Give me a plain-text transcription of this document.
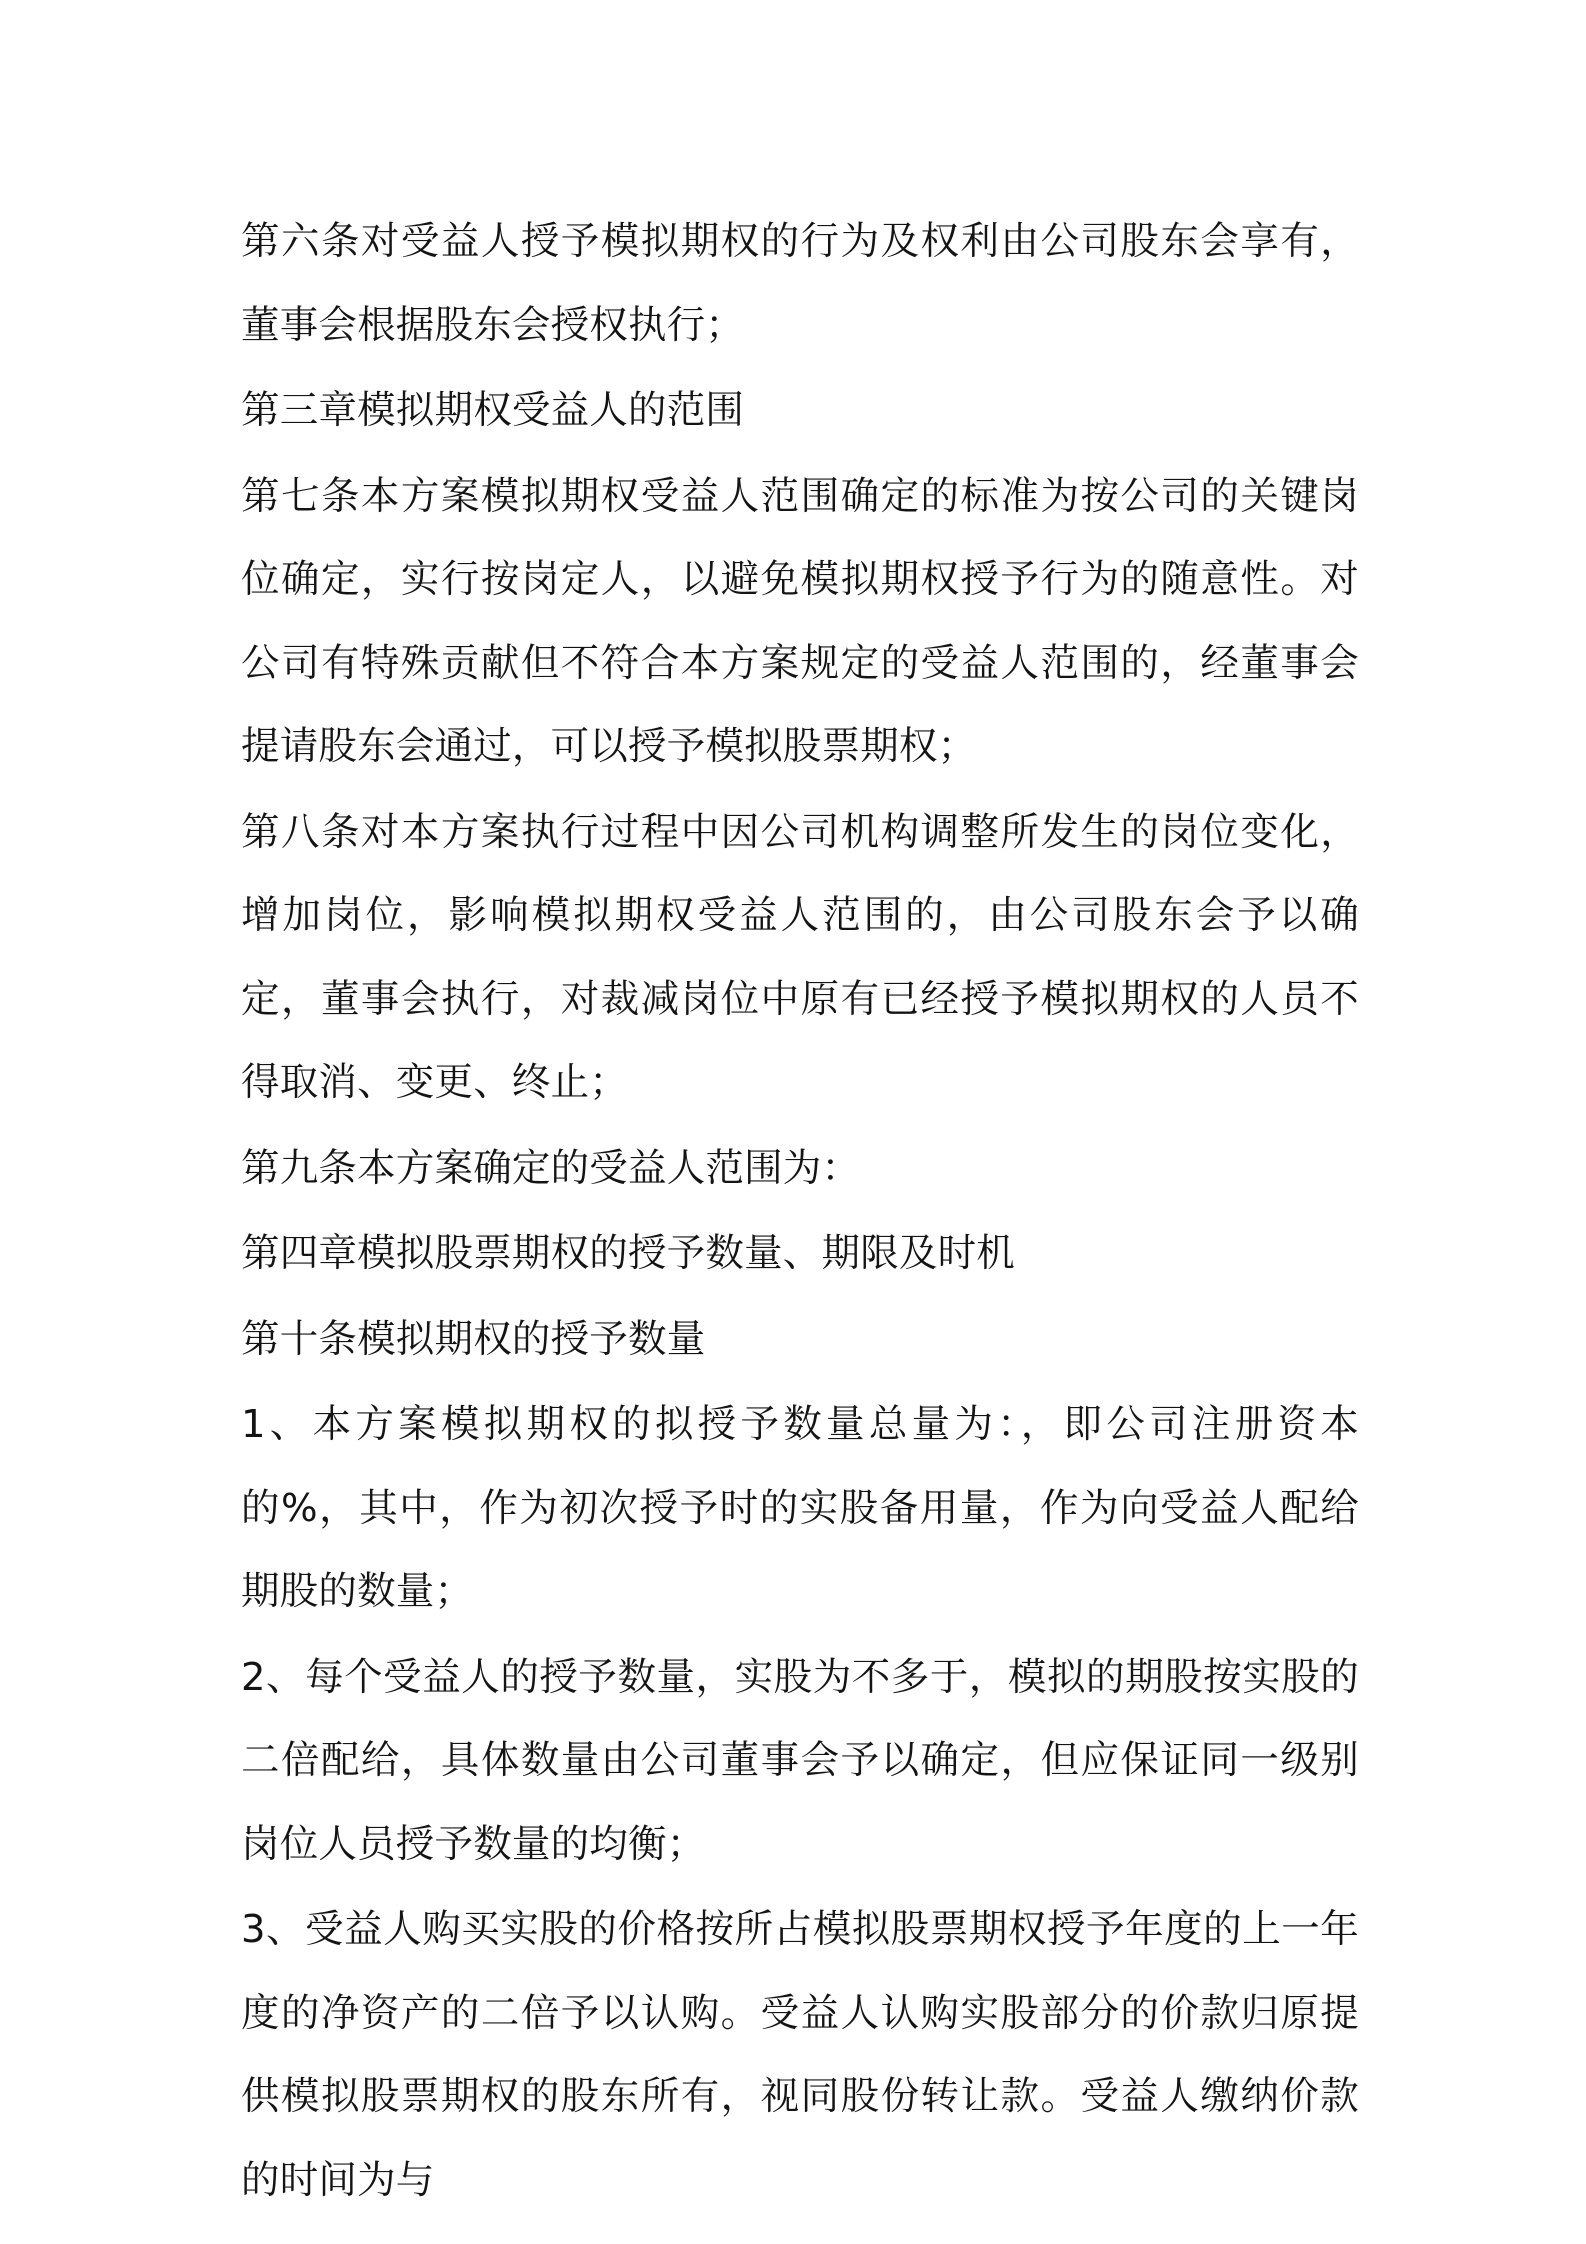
第六条对受益人授予模拟期权的行为及权利由公司股东会享有，董事会根据股东会授权执行；

第三章模拟期权受益人的范围

第七条本方案模拟期权受益人范围确定的标准为按公司的关键岗位确定，实行按岗定人，以避免模拟期权授予行为的随意性。对公司有特殊贡献但不符合本方案规定的受益人范围的，经董事会提请股东会通过，可以授予模拟股票期权；

第八条对本方案执行过程中因公司机构调整所发生的岗位变化，增加岗位，影响模拟期权受益人范围的，由公司股东会予以确定，董事会执行，对裁减岗位中原有已经授予模拟期权的人员不得取消、变更、终止；

第九条本方案确定的受益人范围为：

第四章模拟股票期权的授予数量、期限及时机

第十条模拟期权的授予数量

1、本方案模拟期权的拟授予数量总量为：，即公司注册资本的%，其中，作为初次授予时的实股备用量，作为向受益人配给期股的数量；

2、每个受益人的授予数量，实股为不多于，模拟的期股按实股的二倍配给，具体数量由公司董事会予以确定，但应保证同一级别岗位人员授予数量的均衡；

3、受益人购买实股的价格按所占模拟股票期权授予年度的上一年度的净资产的二倍予以认购。受益人认购实股部分的价款归原提供模拟股票期权的股东所有，视同股份转让款。受益人缴纳价款的时间为与
